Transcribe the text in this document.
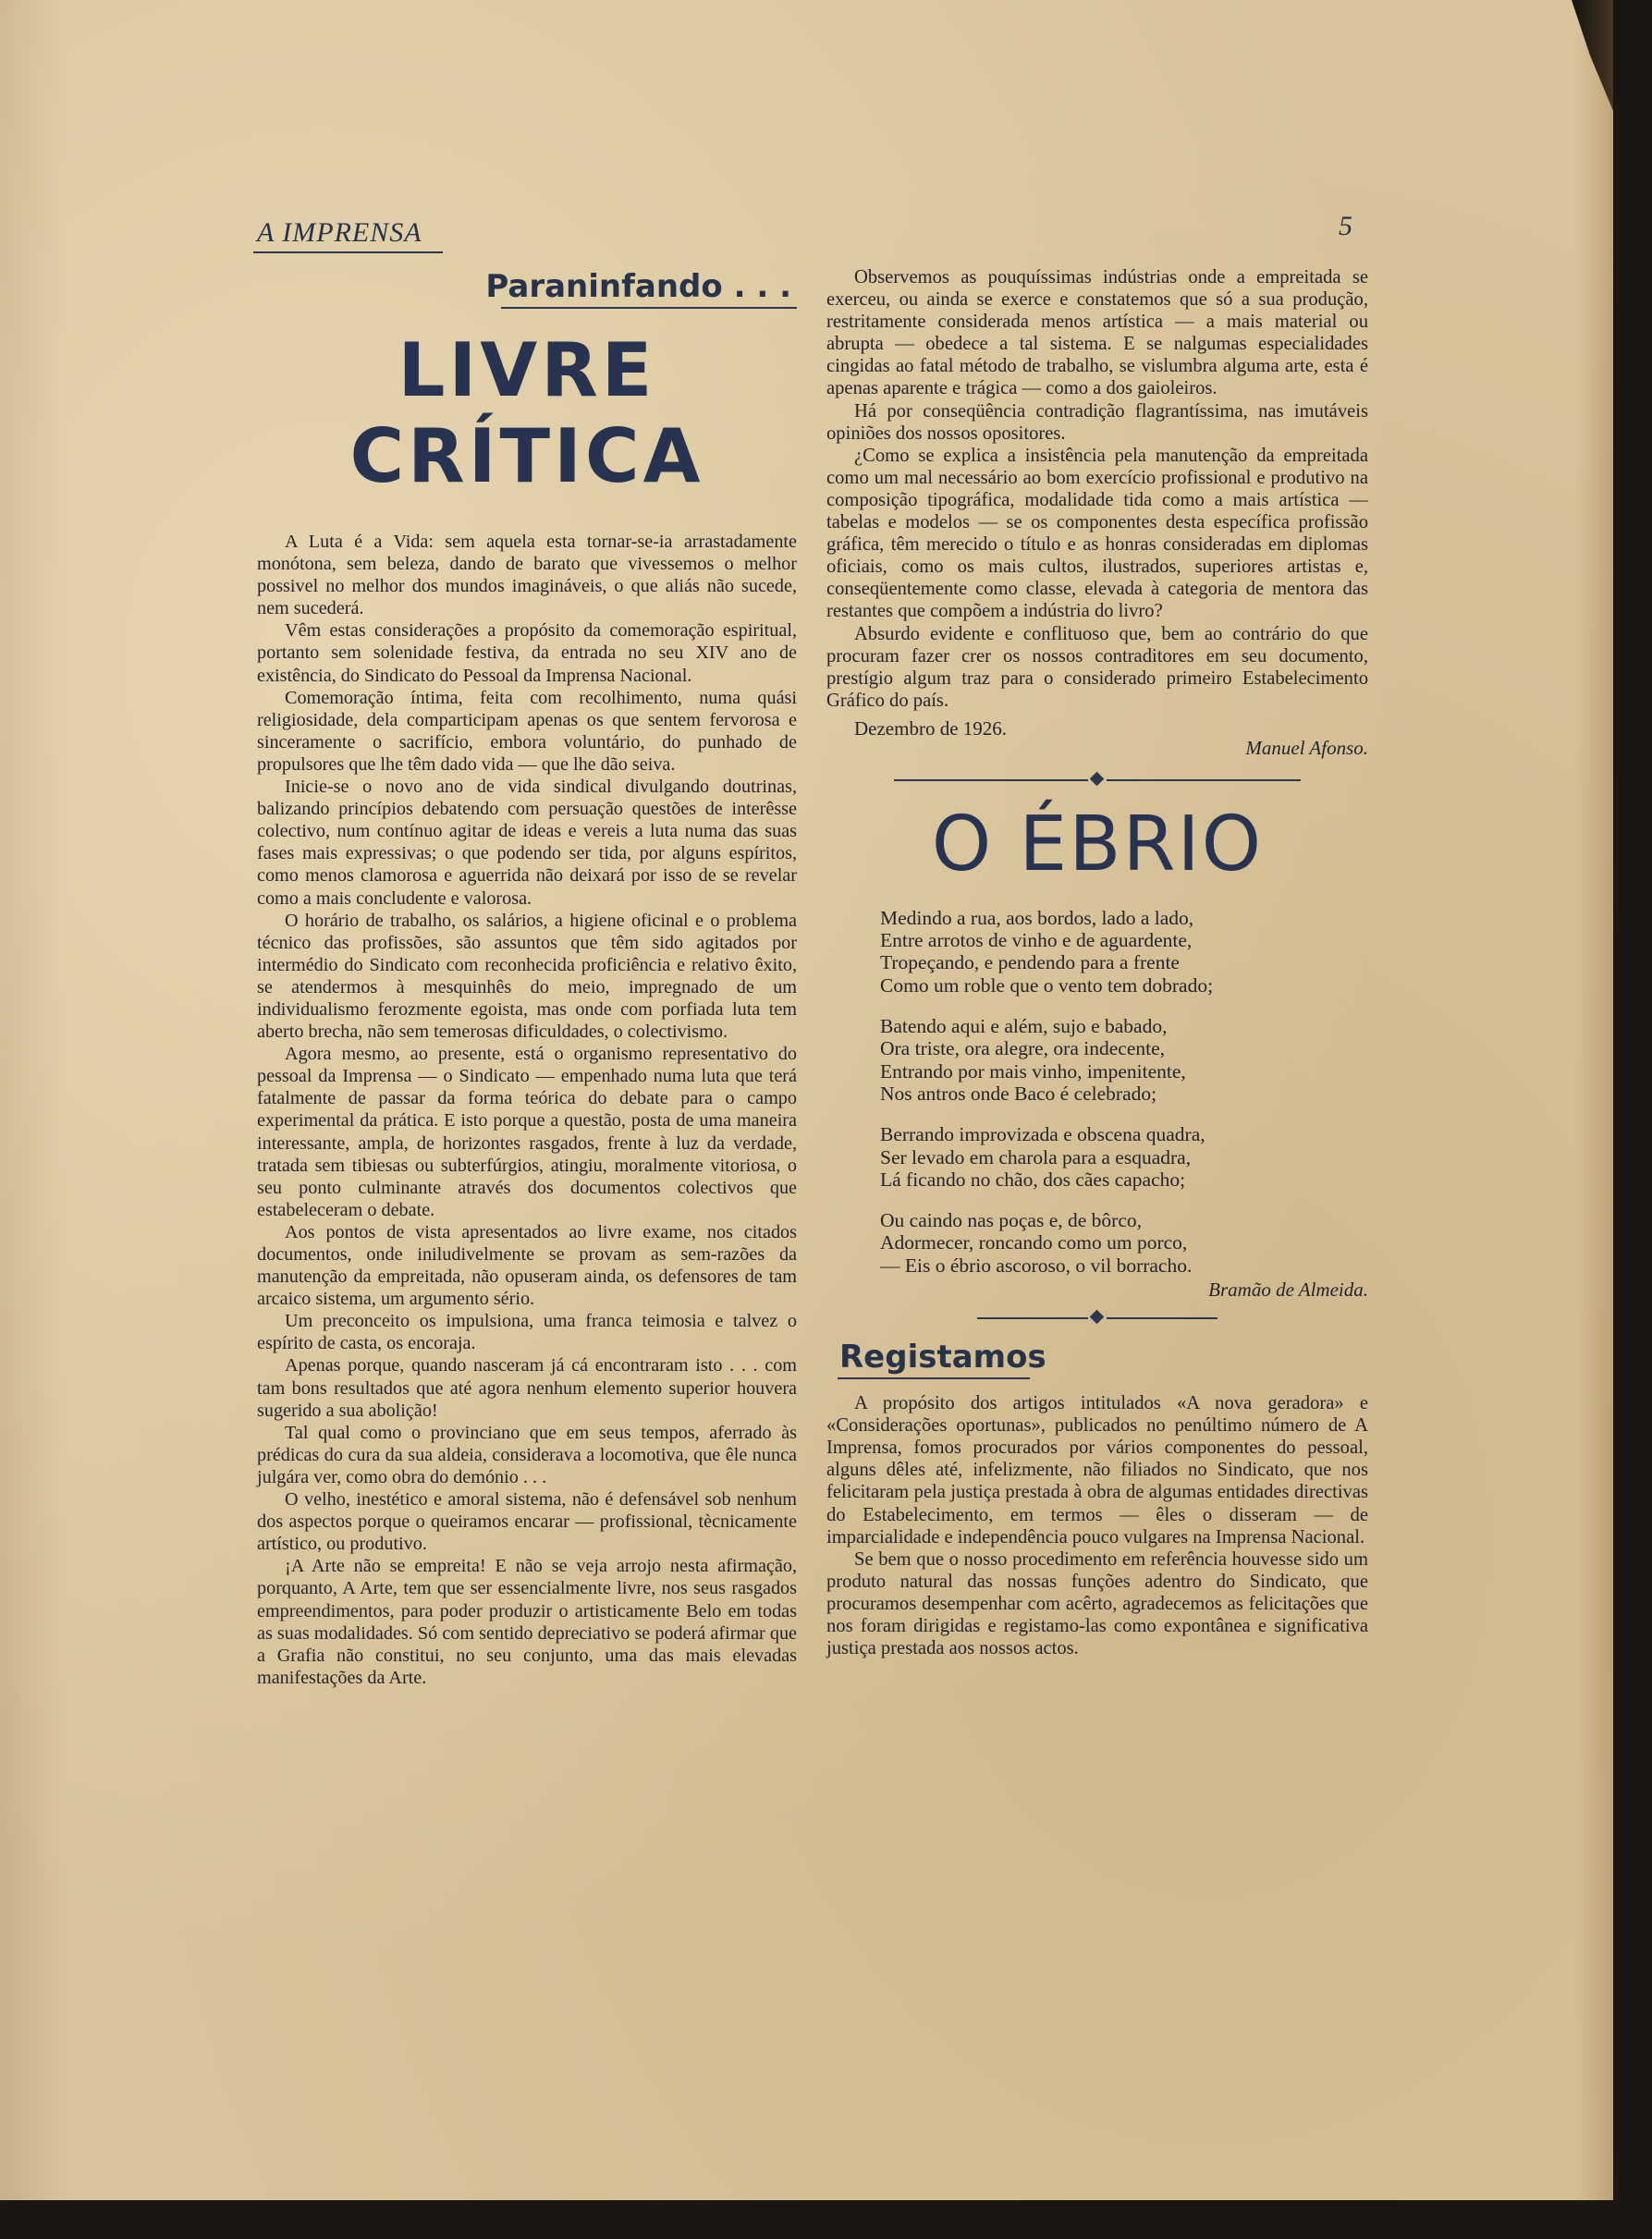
A IMPRENSA	5
Paraninfando . . .
LIVRE CRÍTICA

A Luta é a Vida: sem aquela esta tornar-se-ia arrastadamente monótona, sem beleza, dando de barato que vivessemos o melhor possivel no melhor dos mundos imagináveis, o que aliás não sucede, nem sucederá.

Vêm estas considerações a propósito da comemoração espiritual, portanto sem solenidade festiva, da entrada no seu XIV ano de existência, do Sindicato do Pessoal da Imprensa Nacional.

Comemoração íntima, feita com recolhimento, numa quási religiosidade, dela comparticipam apenas os que sentem fervorosa e sinceramente o sacrifício, embora voluntário, do punhado de propulsores que lhe têm dado vida — que lhe dão seiva.

Inicie-se o novo ano de vida sindical divulgando doutrinas, balizando princípios debatendo com persuação questões de interêsse colectivo, num contínuo agitar de ideas e vereis a luta numa das suas fases mais expressivas; o que podendo ser tida, por alguns espíritos, como menos clamorosa e aguerrida não deixará por isso de se revelar como a mais concludente e valorosa.

O horário de trabalho, os salários, a higiene oficinal e o problema técnico das profissões, são assuntos que têm sido agitados por intermédio do Sindicato com reconhecida proficiência e relativo êxito, se atendermos à mesquinhês do meio, impregnado de um individualismo ferozmente egoista, mas onde com porfiada luta tem aberto brecha, não sem temerosas dificuldades, o colectivismo.

Agora mesmo, ao presente, está o organismo representativo do pessoal da Imprensa — o Sindicato — empenhado numa luta que terá fatalmente de passar da forma teórica do debate para o campo experimental da prática. E isto porque a questão, posta de uma maneira interessante, ampla, de horizontes rasgados, frente à luz da verdade, tratada sem tibiesas ou subterfúrgios, atingiu, moralmente vitoriosa, o seu ponto culminante através dos documentos colectivos que estabeleceram o debate.

Aos pontos de vista apresentados ao livre exame, nos citados documentos, onde iniludivelmente se provam as sem-razões da manutenção da empreitada, não opuseram ainda, os defensores de tam arcaico sistema, um argumento sério.

Um preconceito os impulsiona, uma franca teimosia e talvez o espírito de casta, os encoraja.

Apenas porque, quando nasceram já cá encontraram isto . . . com tam bons resultados que até agora nenhum elemento superior houvera sugerido a sua abolição!

Tal qual como o provinciano que em seus tempos, aferrado às prédicas do cura da sua aldeia, considerava a locomotiva, que êle nunca julgára ver, como obra do demónio . . .

O velho, inestético e amoral sistema, não é defensável sob nenhum dos aspectos porque o queiramos encarar — profissional, tècnicamente artístico, ou produtivo.

¡A Arte não se empreita! E não se veja arrojo nesta afirmação, porquanto, A Arte, tem que ser essencialmente livre, nos seus rasgados empreendimentos, para poder produzir o artisticamente Belo em todas as suas modalidades. Só com sentido depreciativo se poderá afirmar que a Grafia não constitui, no seu conjunto, uma das mais elevadas manifestações da Arte.

Observemos as pouquíssimas indústrias onde a empreitada se exerceu, ou ainda se exerce e constatemos que só a sua produção, restritamente considerada menos artística — a mais material ou abrupta — obedece a tal sistema. E se nalgumas especialidades cingidas ao fatal método de trabalho, se vislumbra alguma arte, esta é apenas aparente e trágica — como a dos gaioleiros.

Há por conseqüência contradição flagrantíssima, nas imutáveis opiniões dos nossos opositores.

¿Como se explica a insistência pela manutenção da empreitada como um mal necessário ao bom exercício profissional e produtivo na composição tipográfica, modalidade tida como a mais artística — tabelas e modelos — se os componentes desta específica profissão gráfica, têm merecido o título e as honras consideradas em diplomas oficiais, como os mais cultos, ilustrados, superiores artistas e, conseqüentemente como classe, elevada à categoria de mentora das restantes que compõem a indústria do livro?

Absurdo evidente e conflituoso que, bem ao contrário do que procuram fazer crer os nossos contraditores em seu documento, prestígio algum traz para o considerado primeiro Estabelecimento Gráfico do país.

Dezembro de 1926.
Manuel Afonso.
O ÉBRIO
Medindo a rua, aos bordos, lado a lado,
Entre arrotos de vinho e de aguardente,
Tropeçando, e pendendo para a frente
Como um roble que o vento tem dobrado;
Batendo aqui e além, sujo e babado,
Ora triste, ora alegre, ora indecente,
Entrando por mais vinho, impenitente,
Nos antros onde Baco é celebrado;
Berrando improvizada e obscena quadra,
Ser levado em charola para a esquadra,
Lá ficando no chão, dos cães capacho;
Ou caindo nas poças e, de bôrco,
Adormecer, roncando como um porco,
— Eis o ébrio ascoroso, o vil borracho.
Bramão de Almeida.
Registamos

A propósito dos artigos intitulados «A nova geradora» e «Considerações oportunas», publicados no penúltimo número de A Imprensa, fomos procurados por vários componentes do pessoal, alguns dêles até, infelizmente, não filiados no Sindicato, que nos felicitaram pela justiça prestada à obra de algumas entidades directivas do Estabelecimento, em termos — êles o disseram — de imparcialidade e independência pouco vulgares na Imprensa Nacional.

Se bem que o nosso procedimento em referência houvesse sido um produto natural das nossas funções adentro do Sindicato, que procuramos desempenhar com acêrto, agradecemos as felicitações que nos foram dirigidas e registamo-las como expontânea e significativa justiça prestada aos nossos actos.
